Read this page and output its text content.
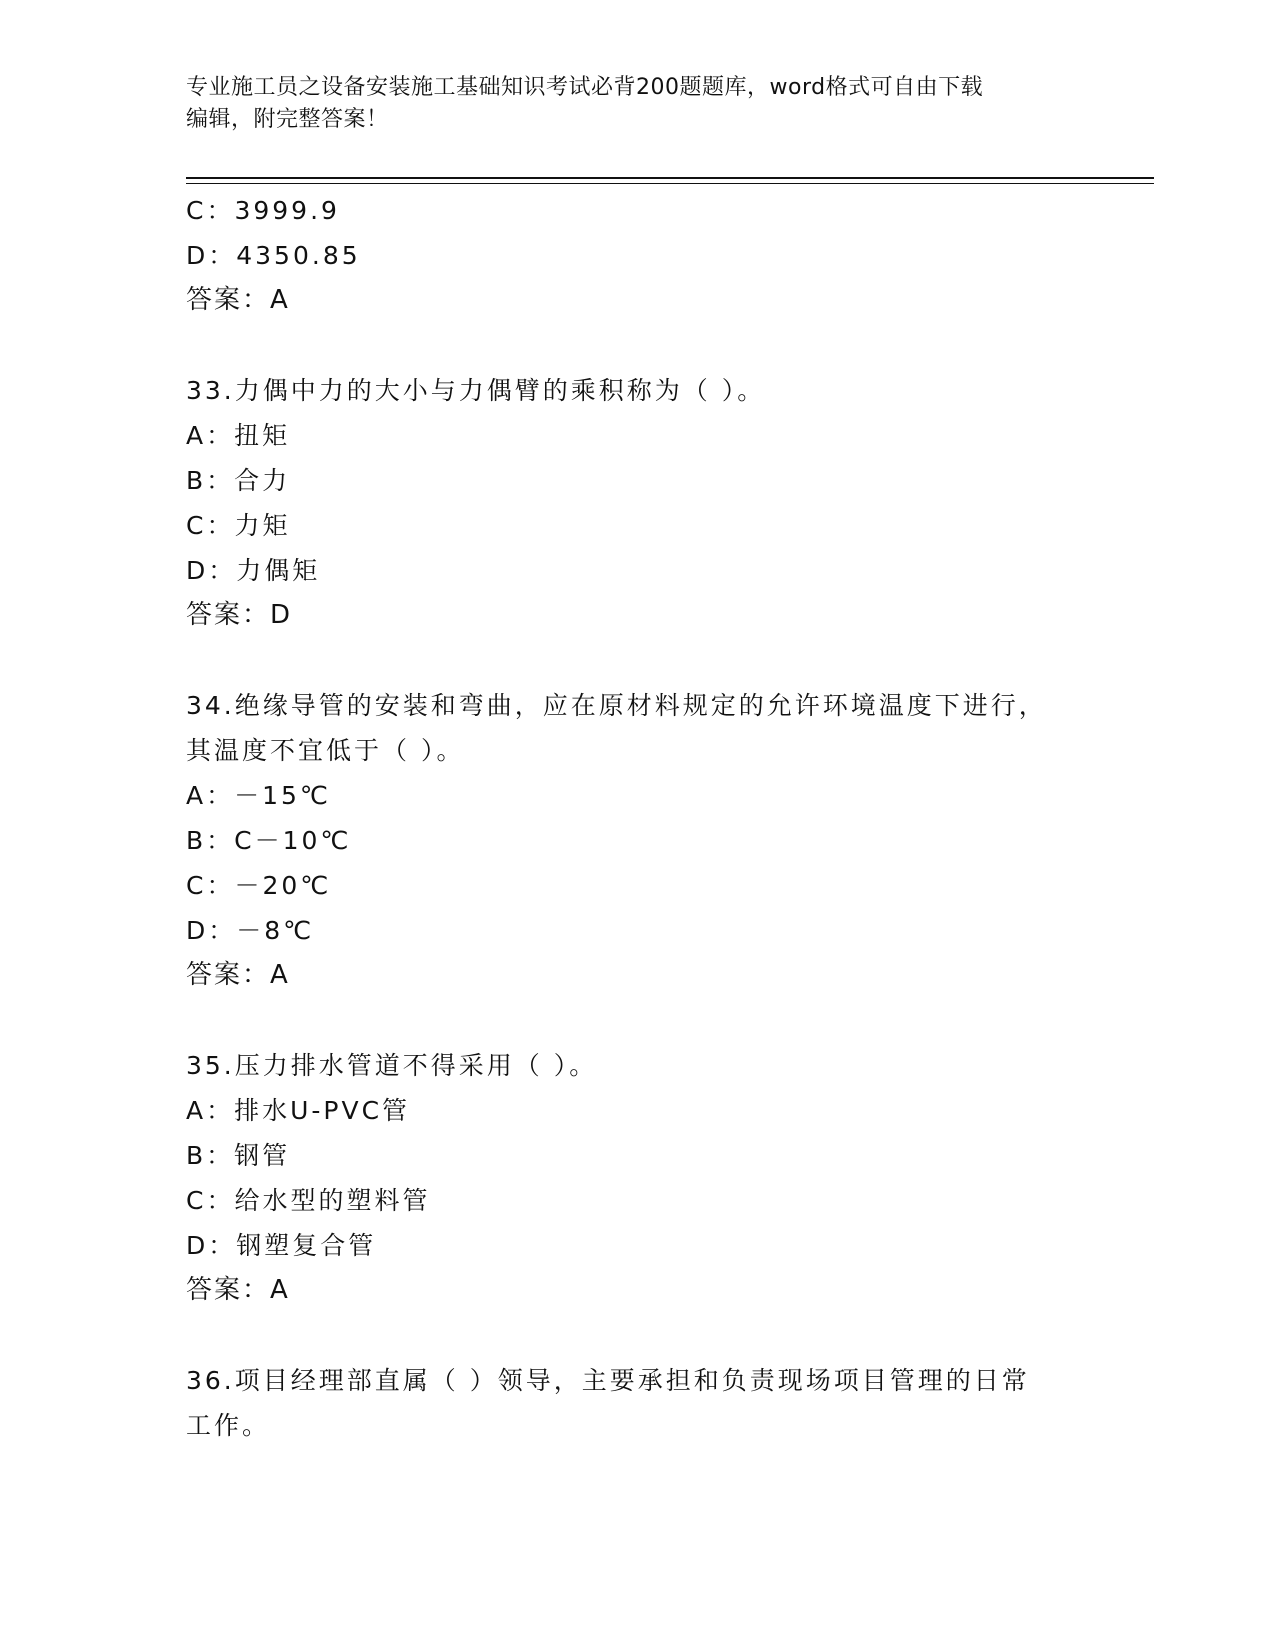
专业施工员之设备安装施工基础知识考试必背200题题库，word格式可自由下载
编辑，附完整答案！
C：3999.9
D：4350.85
答案：A
33.力偶中力的大小与力偶臂的乘积称为（ ）。
A：扭矩
B：合力
C：力矩
D：力偶矩
答案：D
34.绝缘导管的安装和弯曲，应在原材料规定的允许环境温度下进行，
其温度不宜低于（ ）。
A：－15℃
B：C－10℃
C：－20℃
D：－8℃
答案：A
35.压力排水管道不得采用（ ）。
A：排水U-PVC管
B：钢管
C：给水型的塑料管
D：钢塑复合管
答案：A
36.项目经理部直属（ ）领导，主要承担和负责现场项目管理的日常
工作。
